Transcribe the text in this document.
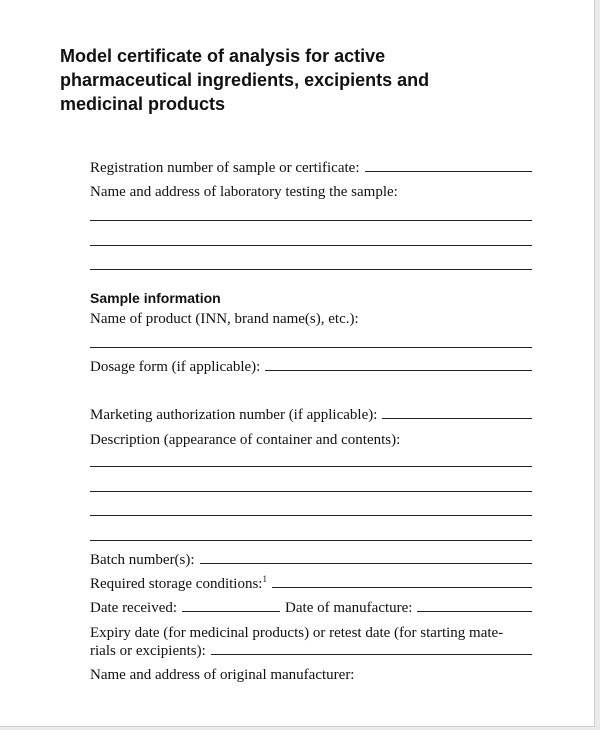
Model certificate of analysis for active
pharmaceutical ingredients, excipients and
medicinal products
Registration number of sample or certificate:
Name and address of laboratory testing the sample:
Sample information
Name of product (INN, brand name(s), etc.):
Dosage form (if applicable):
Marketing authorization number (if applicable):
Description (appearance of container and contents):
Batch number(s):
Required storage conditions:$^1$
Date received:	Date of manufacture:
Expiry date (for medicinal products) or retest date (for starting mate-
rials or excipients):
Name and address of original manufacturer:
